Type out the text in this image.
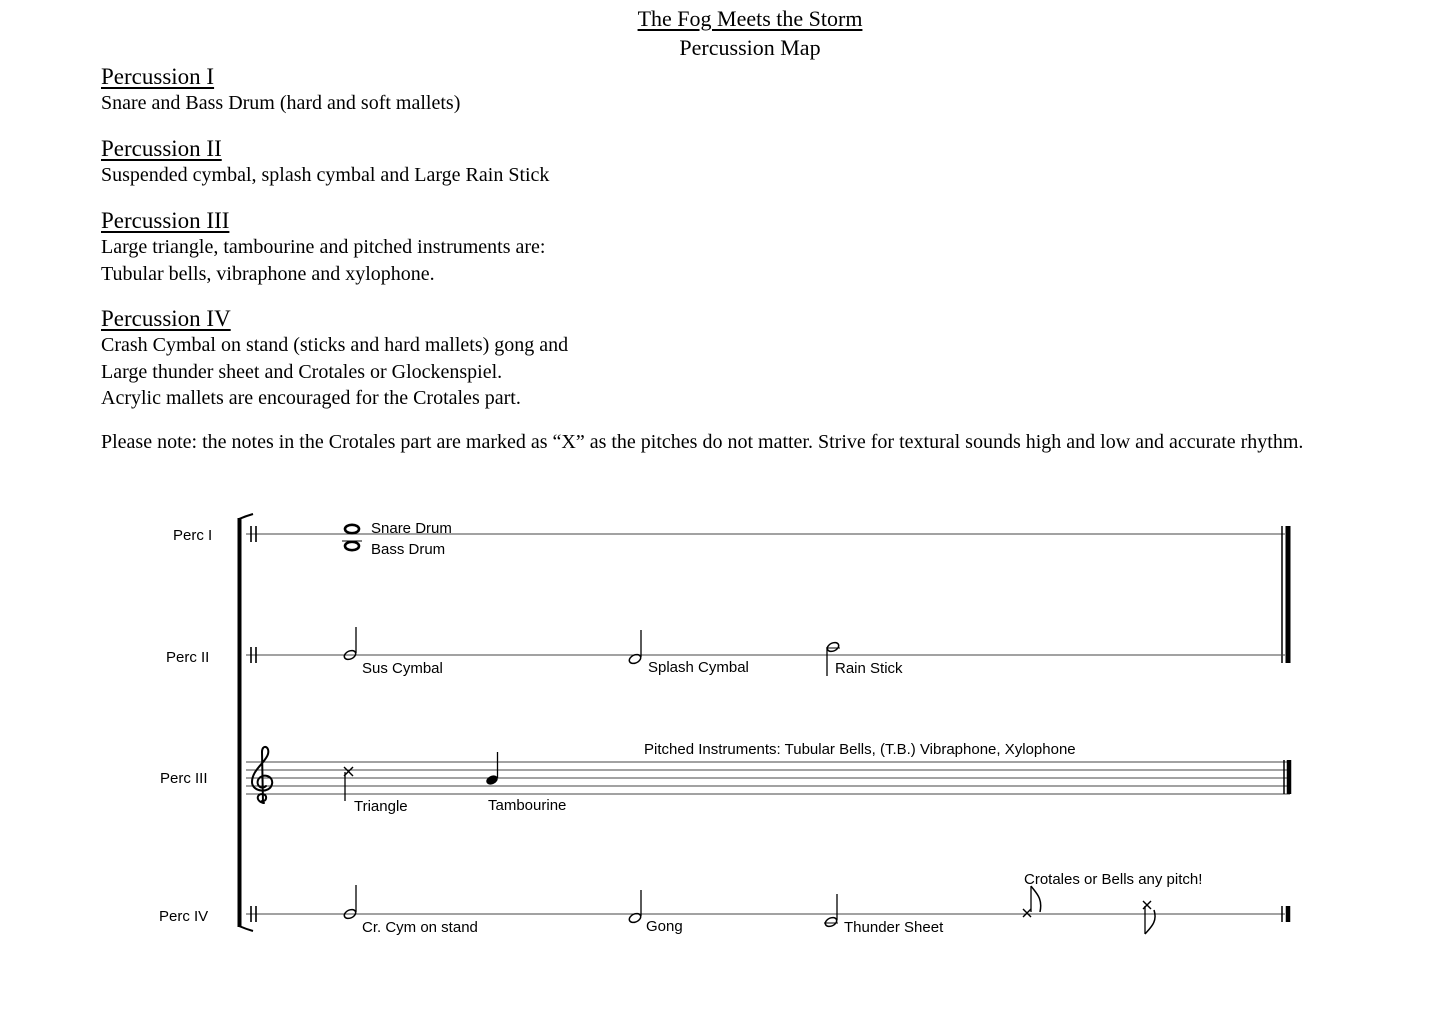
The Fog Meets the Storm
Percussion Map
Percussion I

Snare and Bass Drum (hard and soft mallets)

Percussion II

Suspended cymbal, splash cymbal and Large Rain Stick

Percussion III

Large triangle, tambourine and pitched instruments are:

Tubular bells, vibraphone and xylophone.

Percussion IV

Crash Cymbal on stand (sticks and hard mallets) gong and

Large thunder sheet and Crotales or Glockenspiel.

Acrylic mallets are encouraged for the Crotales part.

Please note: the notes in the Crotales part are marked as “X” as the pitches do not matter. Strive for textural sounds high and low and accurate rhythm.
Perc I
Perc II
Perc III
Perc IV
Snare Drum
Bass Drum
Sus Cymbal	Splash Cymbal	Rain Stick
Triangle	Tambourine
Pitched Instruments: Tubular Bells, (T.B.) Vibraphone, Xylophone
Cr. Cym on stand	Gong	Thunder Sheet
Crotales or Bells any pitch!
